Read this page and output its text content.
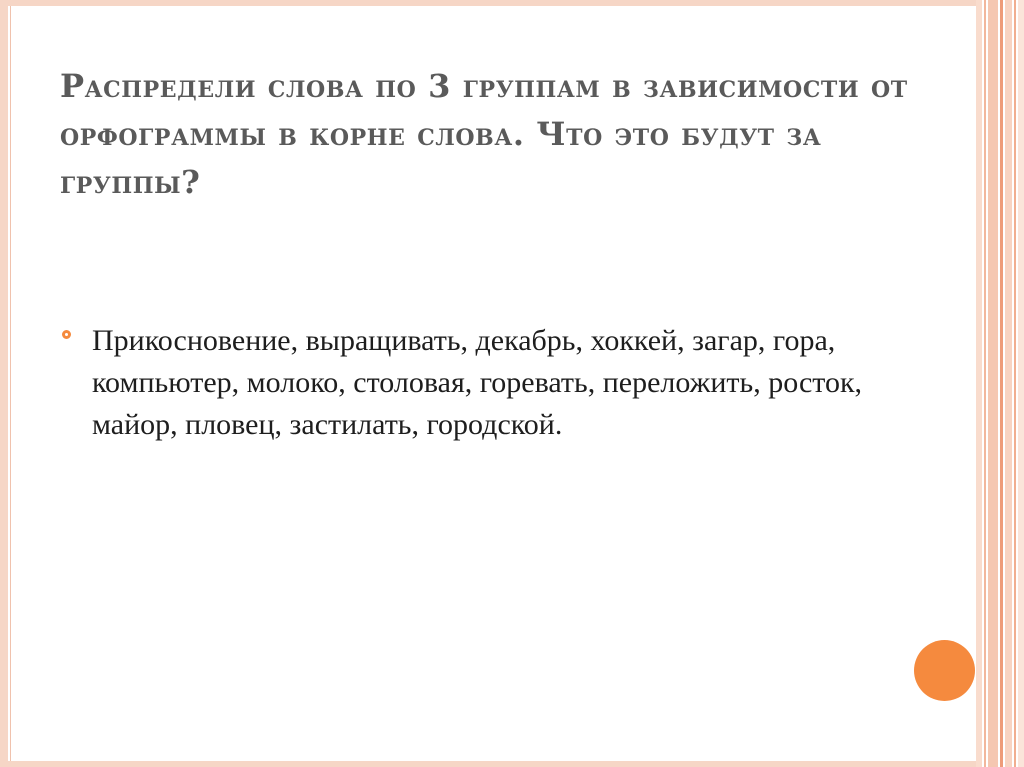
Распредели слова по 3 группам в зависимости от орфограммы в корне слова. Что это будут за группы?

Прикосновение, выращивать, декабрь, хоккей, загар, гора, компьютер, молоко, столовая, горевать, переложить, росток, майор, пловец, застилать, городской.
